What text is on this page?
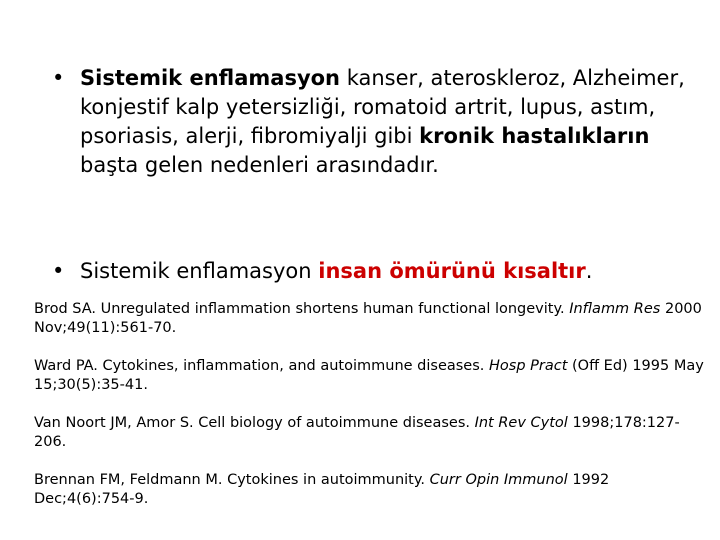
• Sistemik enflamasyon kanser, ateroskleroz, Alzheimer, konjestif kalp yetersizliği, romatoid artrit, lupus, astım, psoriasis, alerji, fibromiyalji gibi kronik hastalıkların başta gelen nedenleri arasındadır.
• Sistemik enflamasyon insan ömürünü kısaltır.
Brod SA. Unregulated inflammation shortens human functional longevity. Inflamm Res 2000 Nov;49(11):561-70.
Ward PA. Cytokines, inflammation, and autoimmune diseases. Hosp Pract (Off Ed) 1995 May 15;30(5):35-41.
Van Noort JM, Amor S. Cell biology of autoimmune diseases. Int Rev Cytol 1998;178:127-206.
Brennan FM, Feldmann M. Cytokines in autoimmunity. Curr Opin Immunol 1992 Dec;4(6):754-9.
